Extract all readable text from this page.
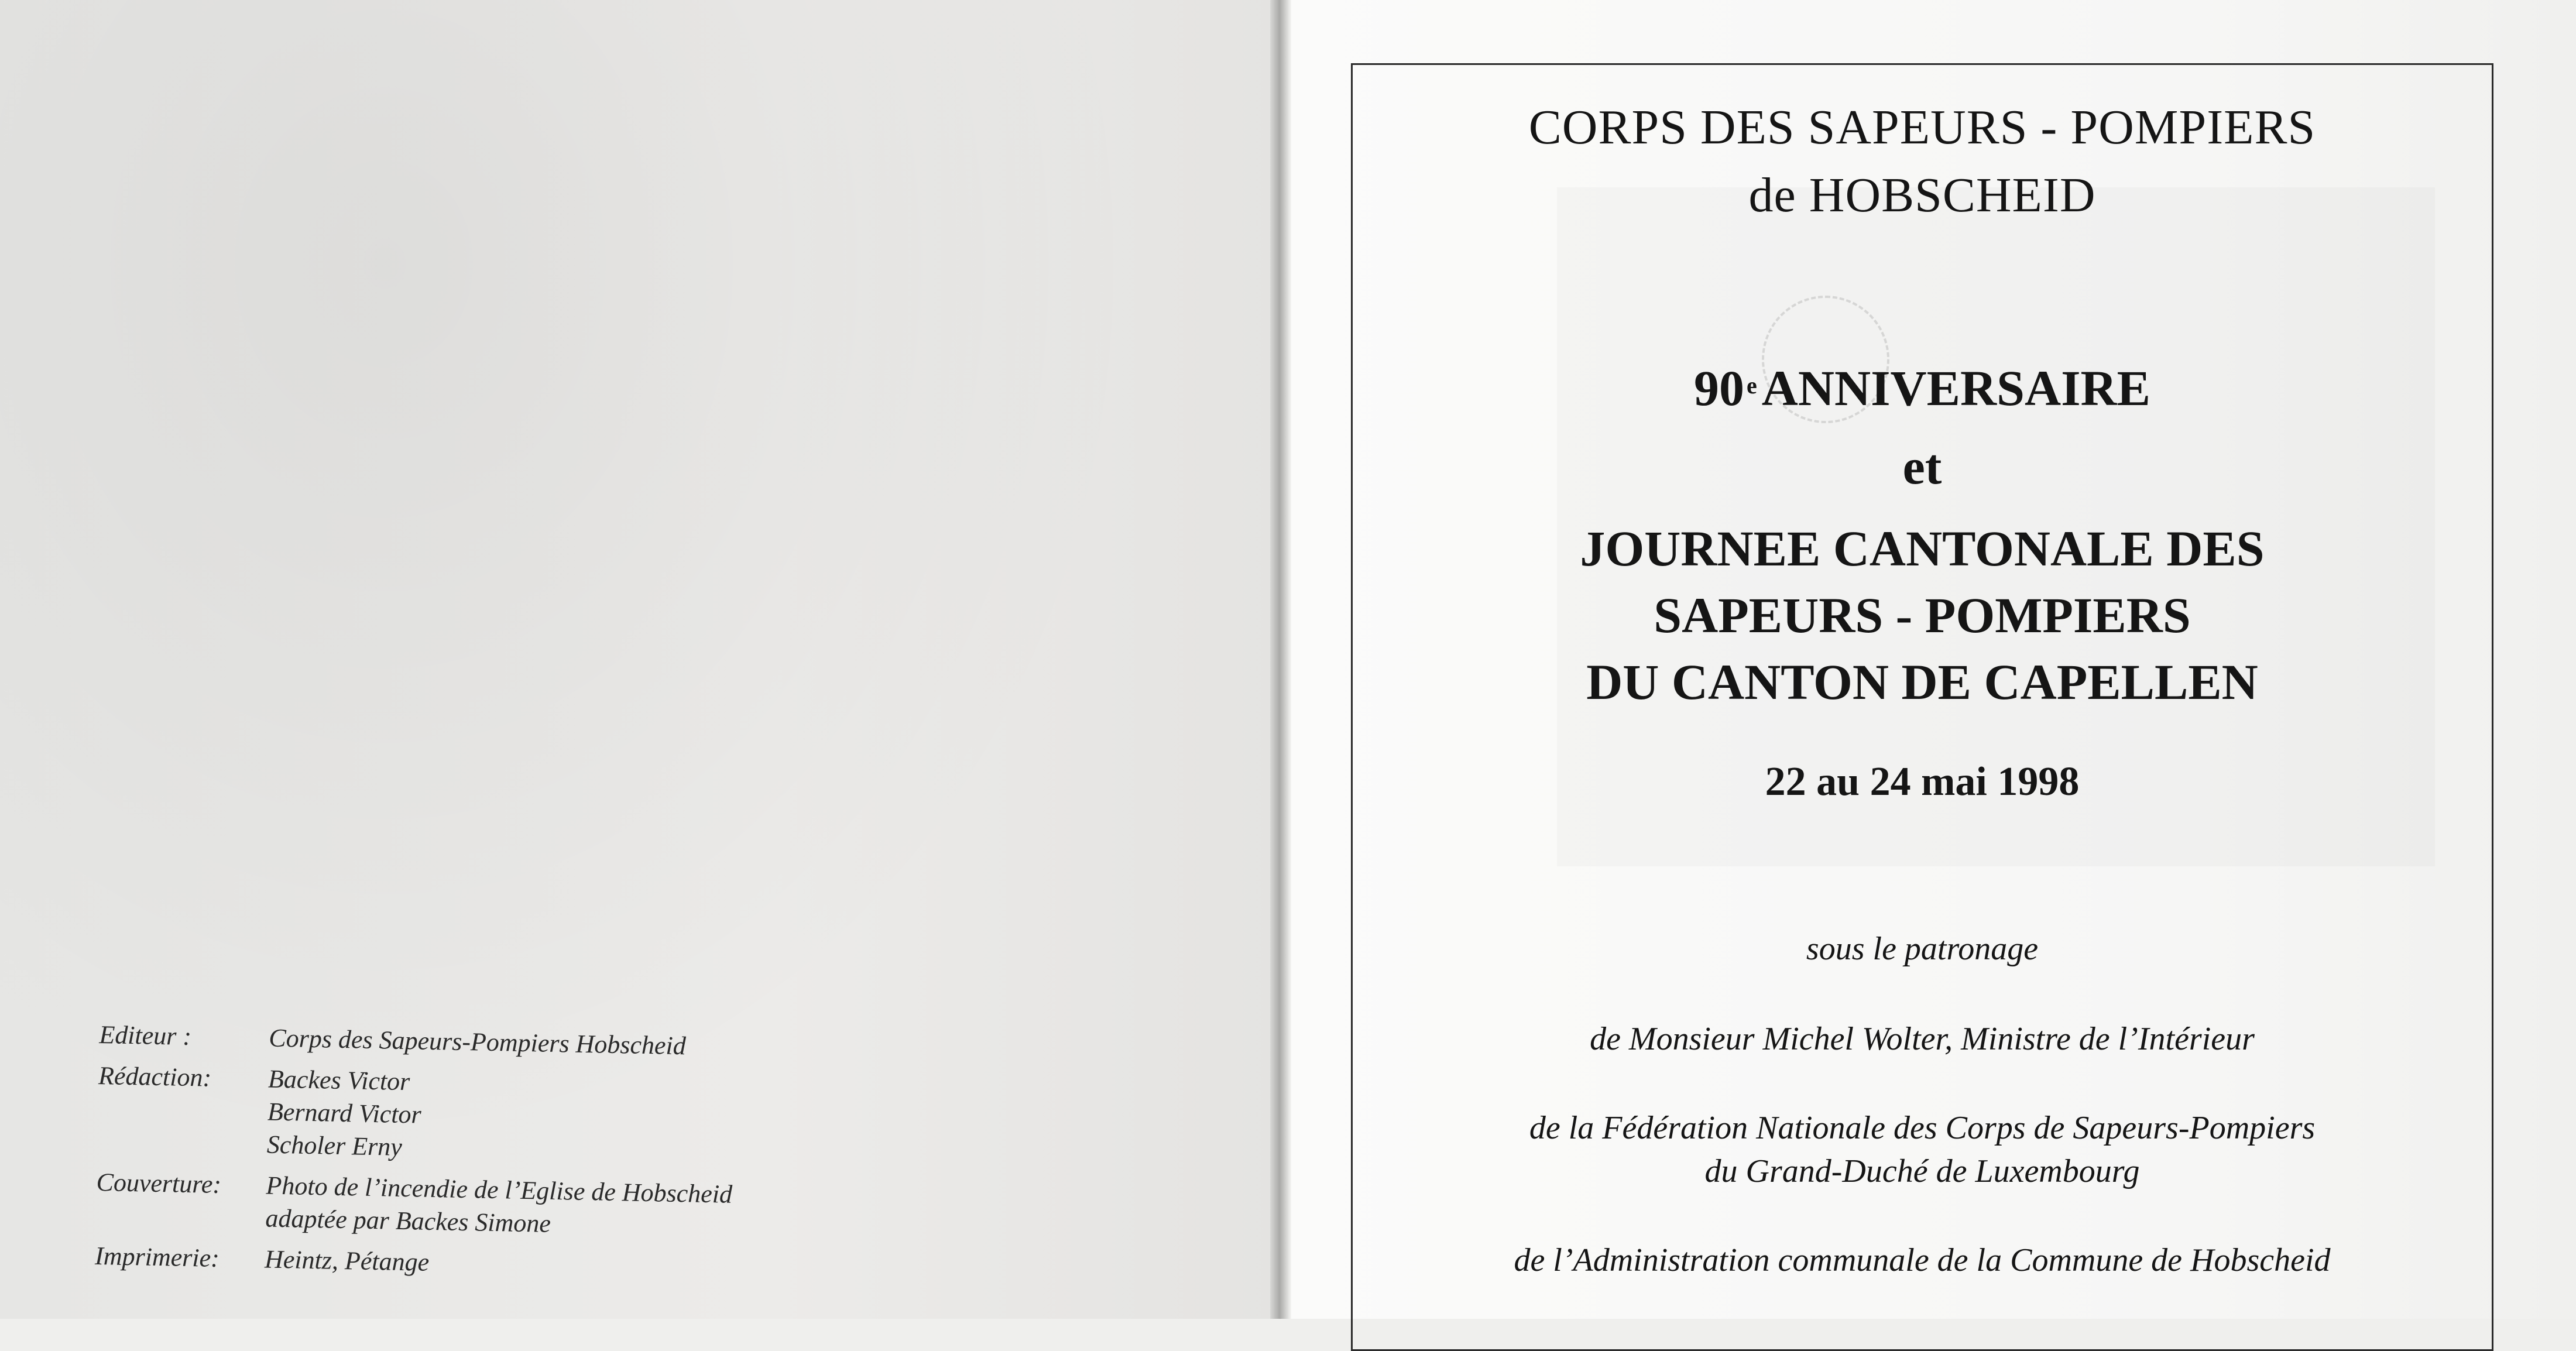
Editeur :	Corps des Sapeurs-Pompiers Hobscheid
Rédaction:	Backes Victor
Bernard Victor
Scholer Erny
Couverture:	Photo de l’incendie de l’Eglise de Hobscheid
adaptée par Backes Simone
Imprimerie:	Heintz, Pétange
CORPS DES SAPEURS - POMPIERS
de HOBSCHEID
90 $^e$ANNIVERSAIRE
et
JOURNEE CANTONALE DES
SAPEURS - POMPIERS
DU CANTON DE CAPELLEN
22 au 24 mai 1998
sous le patronage
de Monsieur Michel Wolter, Ministre de l’Intérieur
de la Fédération Nationale des Corps de Sapeurs-Pompiers
du Grand-Duché de Luxembourg
de l’Administration communale de la Commune de Hobscheid
